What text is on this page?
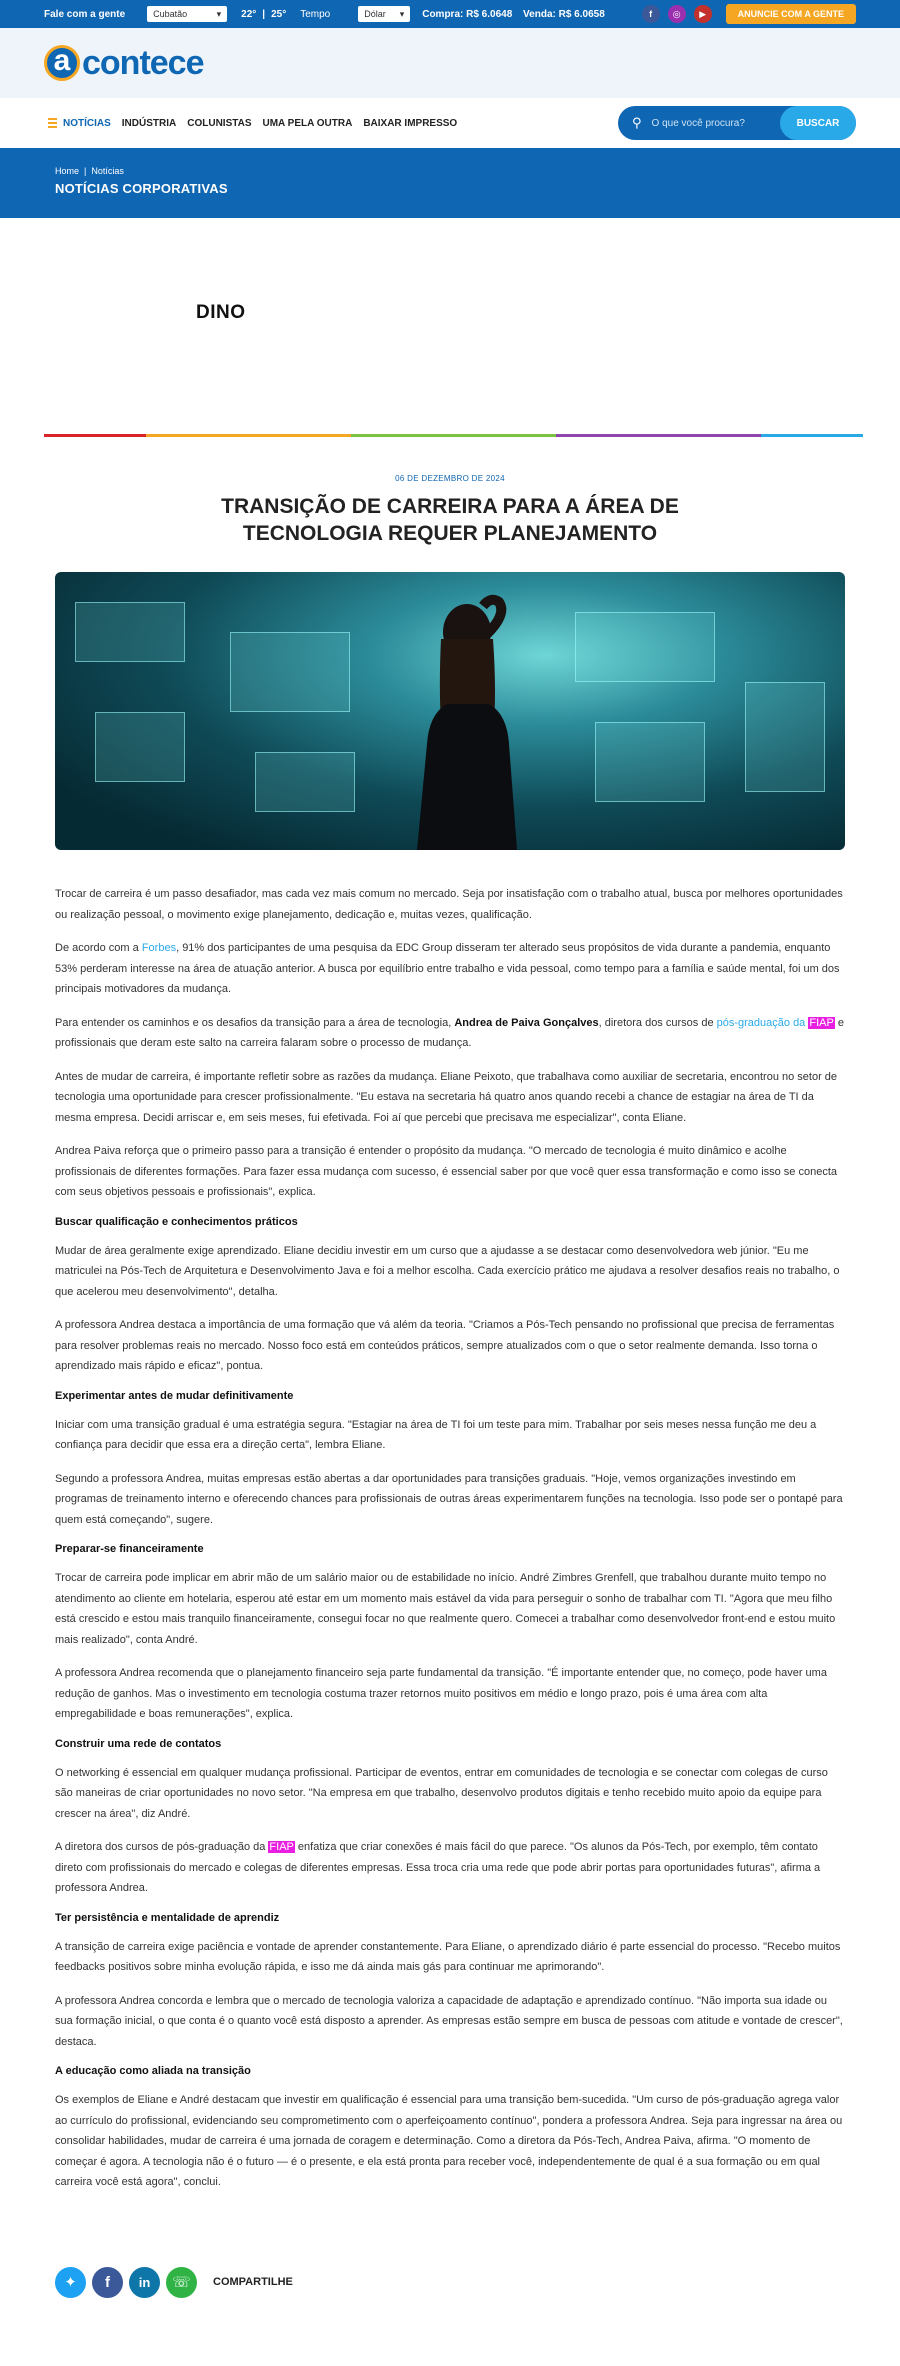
Fale com a gente	Cubatão	▾ 22° | 25° Tempo	Dólar ▾ Compra: R$ 6.0648 Venda: R$ 6.0658	f	◎	▶	ANUNCIE COM A GENTE
a contece
NOTÍCIAS INDÚSTRIA COLUNISTAS UMA PELA OUTRA BAIXAR IMPRESSO	⚲ O que você procura?	BUSCAR
Home | Notícias
NOTÍCIAS CORPORATIVAS
DINO
06 DE DEZEMBRO DE 2024
TRANSIÇÃO DE CARREIRA PARA A ÁREA DE
TECNOLOGIA REQUER PLANEJAMENTO

Trocar de carreira é um passo desafiador, mas cada vez mais comum no mercado. Seja por insatisfação com o trabalho atual, busca por melhores oportunidades ou realização pessoal, o movimento exige planejamento, dedicação e, muitas vezes, qualificação.

De acordo com a Forbes, 91% dos participantes de uma pesquisa da EDC Group disseram ter alterado seus propósitos de vida durante a pandemia, enquanto 53% perderam interesse na área de atuação anterior. A busca por equilíbrio entre trabalho e vida pessoal, como tempo para a família e saúde mental, foi um dos principais motivadores da mudança.

Para entender os caminhos e os desafios da transição para a área de tecnologia, Andrea de Paiva Gonçalves, diretora dos cursos de pós-graduação da FIAP e profissionais que deram este salto na carreira falaram sobre o processo de mudança.

Antes de mudar de carreira, é importante refletir sobre as razões da mudança. Eliane Peixoto, que trabalhava como auxiliar de secretaria, encontrou no setor de tecnologia uma oportunidade para crescer profissionalmente. "Eu estava na secretaria há quatro anos quando recebi a chance de estagiar na área de TI da mesma empresa. Decidi arriscar e, em seis meses, fui efetivada. Foi aí que percebi que precisava me especializar", conta Eliane.

Andrea Paiva reforça que o primeiro passo para a transição é entender o propósito da mudança. "O mercado de tecnologia é muito dinâmico e acolhe profissionais de diferentes formações. Para fazer essa mudança com sucesso, é essencial saber por que você quer essa transformação e como isso se conecta com seus objetivos pessoais e profissionais", explica.

Buscar qualificação e conhecimentos práticos

Mudar de área geralmente exige aprendizado. Eliane decidiu investir em um curso que a ajudasse a se destacar como desenvolvedora web júnior. "Eu me matriculei na Pós-Tech de Arquitetura e Desenvolvimento Java e foi a melhor escolha. Cada exercício prático me ajudava a resolver desafios reais no trabalho, o que acelerou meu desenvolvimento", detalha.

A professora Andrea destaca a importância de uma formação que vá além da teoria. "Criamos a Pós-Tech pensando no profissional que precisa de ferramentas para resolver problemas reais no mercado. Nosso foco está em conteúdos práticos, sempre atualizados com o que o setor realmente demanda. Isso torna o aprendizado mais rápido e eficaz", pontua.

Experimentar antes de mudar definitivamente

Iniciar com uma transição gradual é uma estratégia segura. "Estagiar na área de TI foi um teste para mim. Trabalhar por seis meses nessa função me deu a confiança para decidir que essa era a direção certa", lembra Eliane.

Segundo a professora Andrea, muitas empresas estão abertas a dar oportunidades para transições graduais. "Hoje, vemos organizações investindo em programas de treinamento interno e oferecendo chances para profissionais de outras áreas experimentarem funções na tecnologia. Isso pode ser o pontapé para quem está começando", sugere.

Preparar-se financeiramente

Trocar de carreira pode implicar em abrir mão de um salário maior ou de estabilidade no início. André Zimbres Grenfell, que trabalhou durante muito tempo no atendimento ao cliente em hotelaria, esperou até estar em um momento mais estável da vida para perseguir o sonho de trabalhar com TI. "Agora que meu filho está crescido e estou mais tranquilo financeiramente, consegui focar no que realmente quero. Comecei a trabalhar como desenvolvedor front-end e estou muito mais realizado", conta André.

A professora Andrea recomenda que o planejamento financeiro seja parte fundamental da transição. "É importante entender que, no começo, pode haver uma redução de ganhos. Mas o investimento em tecnologia costuma trazer retornos muito positivos em médio e longo prazo, pois é uma área com alta empregabilidade e boas remunerações", explica.

Construir uma rede de contatos

O networking é essencial em qualquer mudança profissional. Participar de eventos, entrar em comunidades de tecnologia e se conectar com colegas de curso são maneiras de criar oportunidades no novo setor. "Na empresa em que trabalho, desenvolvo produtos digitais e tenho recebido muito apoio da equipe para crescer na área", diz André.

A diretora dos cursos de pós-graduação da FIAP enfatiza que criar conexões é mais fácil do que parece. "Os alunos da Pós-Tech, por exemplo, têm contato direto com profissionais do mercado e colegas de diferentes empresas. Essa troca cria uma rede que pode abrir portas para oportunidades futuras", afirma a professora Andrea.

Ter persistência e mentalidade de aprendiz

A transição de carreira exige paciência e vontade de aprender constantemente. Para Eliane, o aprendizado diário é parte essencial do processo. "Recebo muitos feedbacks positivos sobre minha evolução rápida, e isso me dá ainda mais gás para continuar me aprimorando".

A professora Andrea concorda e lembra que o mercado de tecnologia valoriza a capacidade de adaptação e aprendizado contínuo. "Não importa sua idade ou sua formação inicial, o que conta é o quanto você está disposto a aprender. As empresas estão sempre em busca de pessoas com atitude e vontade de crescer", destaca.

A educação como aliada na transição

Os exemplos de Eliane e André destacam que investir em qualificação é essencial para uma transição bem-sucedida. "Um curso de pós-graduação agrega valor ao currículo do profissional, evidenciando seu comprometimento com o aperfeiçoamento contínuo", pondera a professora Andrea. Seja para ingressar na área ou consolidar habilidades, mudar de carreira é uma jornada de coragem e determinação. Como a diretora da Pós-Tech, Andrea Paiva, afirma. "O momento de começar é agora. A tecnologia não é o futuro — é o presente, e ela está pronta para receber você, independentemente de qual é a sua formação ou em qual carreira você está agora", conclui.

✦	f	in	☏	COMPARTILHE
